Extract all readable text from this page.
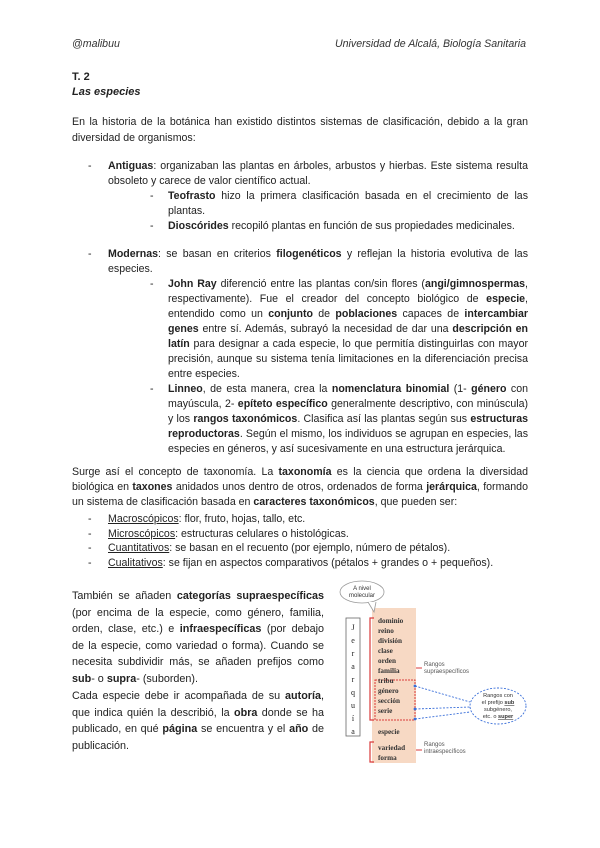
@malibuu	Universidad de Alcalá, Biología Sanitaria
T. 2
Las especies
En la historia de la botánica han existido distintos sistemas de clasificación, debido a la gran diversidad de organismos:
- Antiguas: organizaban las plantas en árboles, arbustos y hierbas. Este sistema resulta obsoleto y carece de valor científico actual.
- Teofrasto hizo la primera clasificación basada en el crecimiento de las plantas.
- Dioscórides recopiló plantas en función de sus propiedades medicinales.
- Modernas: se basan en criterios filogenéticos y reflejan la historia evolutiva de las especies.
- John Ray diferenció entre las plantas con/sin flores (angi/gimnospermas, respectivamente). Fue el creador del concepto biológico de especie, entendido como un conjunto de poblaciones capaces de intercambiar genes entre sí. Además, subrayó la necesidad de dar una descripción en latín para designar a cada especie, lo que permitía distinguirlas con mayor precisión, aunque su sistema tenía limitaciones en la diferenciación precisa entre especies.
- Linneo, de esta manera, crea la nomenclatura binomial (1- género con mayúscula, 2- epíteto específico generalmente descriptivo, con minúscula) y los rangos taxonómicos. Clasifica así las plantas según sus estructuras reproductoras. Según el mismo, los individuos se agrupan en especies, las especies en géneros, y así sucesivamente en una estructura jerárquica.
Surge así el concepto de taxonomía. La taxonomía es la ciencia que ordena la diversidad biológica en taxones anidados unos dentro de otros, ordenados de forma jerárquica, formando un sistema de clasificación basada en caracteres taxonómicos, que pueden ser:
- Macroscópicos: flor, fruto, hojas, tallo, etc.
- Microscópicos: estructuras celulares o histológicas.
- Cuantitativos: se basan en el recuento (por ejemplo, número de pétalos).
- Cualitativos: se fijan en aspectos comparativos (pétalos + grandes o + pequeños).
También se añaden categorías supraespecíficas (por encima de la especie, como género, familia, orden, clase, etc.) e infraespecíficas (por debajo de la especie, como variedad o forma). Cuando se necesita subdividir más, se añaden prefijos como sub- o supra- (suborden).
Cada especie debe ir acompañada de su autoría, que indica quién la describió, la obra donde se ha publicado, en qué página se encuentra y el año de publicación.
A nivel
molecular
J
e
r
a
r
q
u
í
a
dominio
reino
división
clase
orden
familia
tribu
género
sección
serie
especie
variedad
forma
Rangos
supraespecíficos
Rangos
intraespecíficos
Rangos con
el prefijo sub
subgénero,
etc. o super
